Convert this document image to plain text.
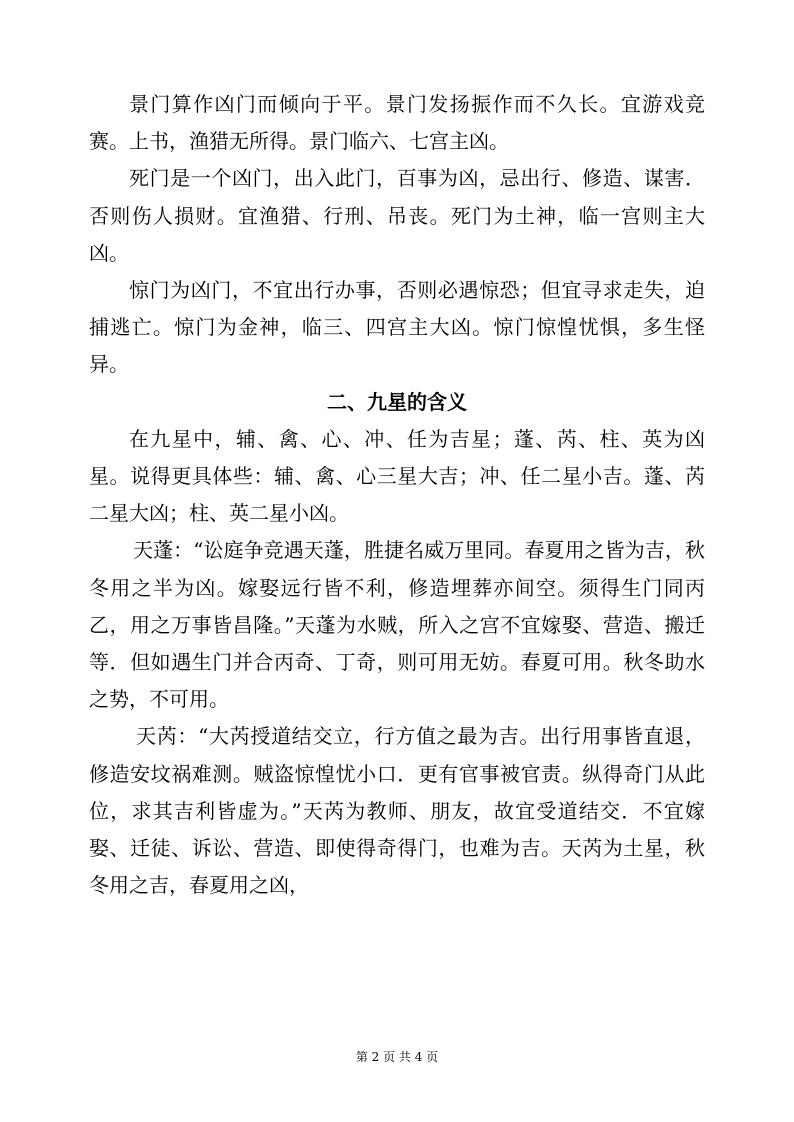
景门算作凶门而倾向于平。景门发扬振作而不久长。宜游戏竞赛。上书，渔猎无所得。景门临六、七宫主凶。

死门是一个凶门，出入此门，百事为凶，忌出行、修造、谋害．否则伤人损财。宜渔猎、行刑、吊丧。死门为土神，临一宫则主大凶。

惊门为凶门，不宜出行办事，否则必遇惊恐；但宜寻求走失，迫捕逃亡。惊门为金神，临三、四宫主大凶。惊门惊惶忧惧，多生怪异。

二、九星的含义

在九星中，辅、禽、心、冲、任为吉星；蓬、芮、柱、英为凶星。说得更具体些：辅、禽、心三星大吉；冲、任二星小吉。蓬、芮二星大凶；柱、英二星小凶。

天蓬：“讼庭争竞遇天蓬，胜捷名威万里同。春夏用之皆为吉，秋冬用之半为凶。嫁娶远行皆不利，修造埋葬亦间空。须得生门同丙乙，用之万事皆昌隆。”天蓬为水贼，所入之宫不宜嫁娶、营造、搬迁等．但如遇生门并合丙奇、丁奇，则可用无妨。春夏可用。秋冬助水之势，不可用。

天芮：“大芮授道结交立，行方值之最为吉。出行用事皆直退，修造安坟祸难测。贼盗惊惶忧小口．更有官事被官责。纵得奇门从此位，求其吉利皆虚为。”天芮为教师、朋友，故宜受道结交．不宜嫁娶、迁徒、诉讼、营造、即使得奇得门，也难为吉。天芮为土星，秋冬用之吉，春夏用之凶，

第 2 页 共 4 页
